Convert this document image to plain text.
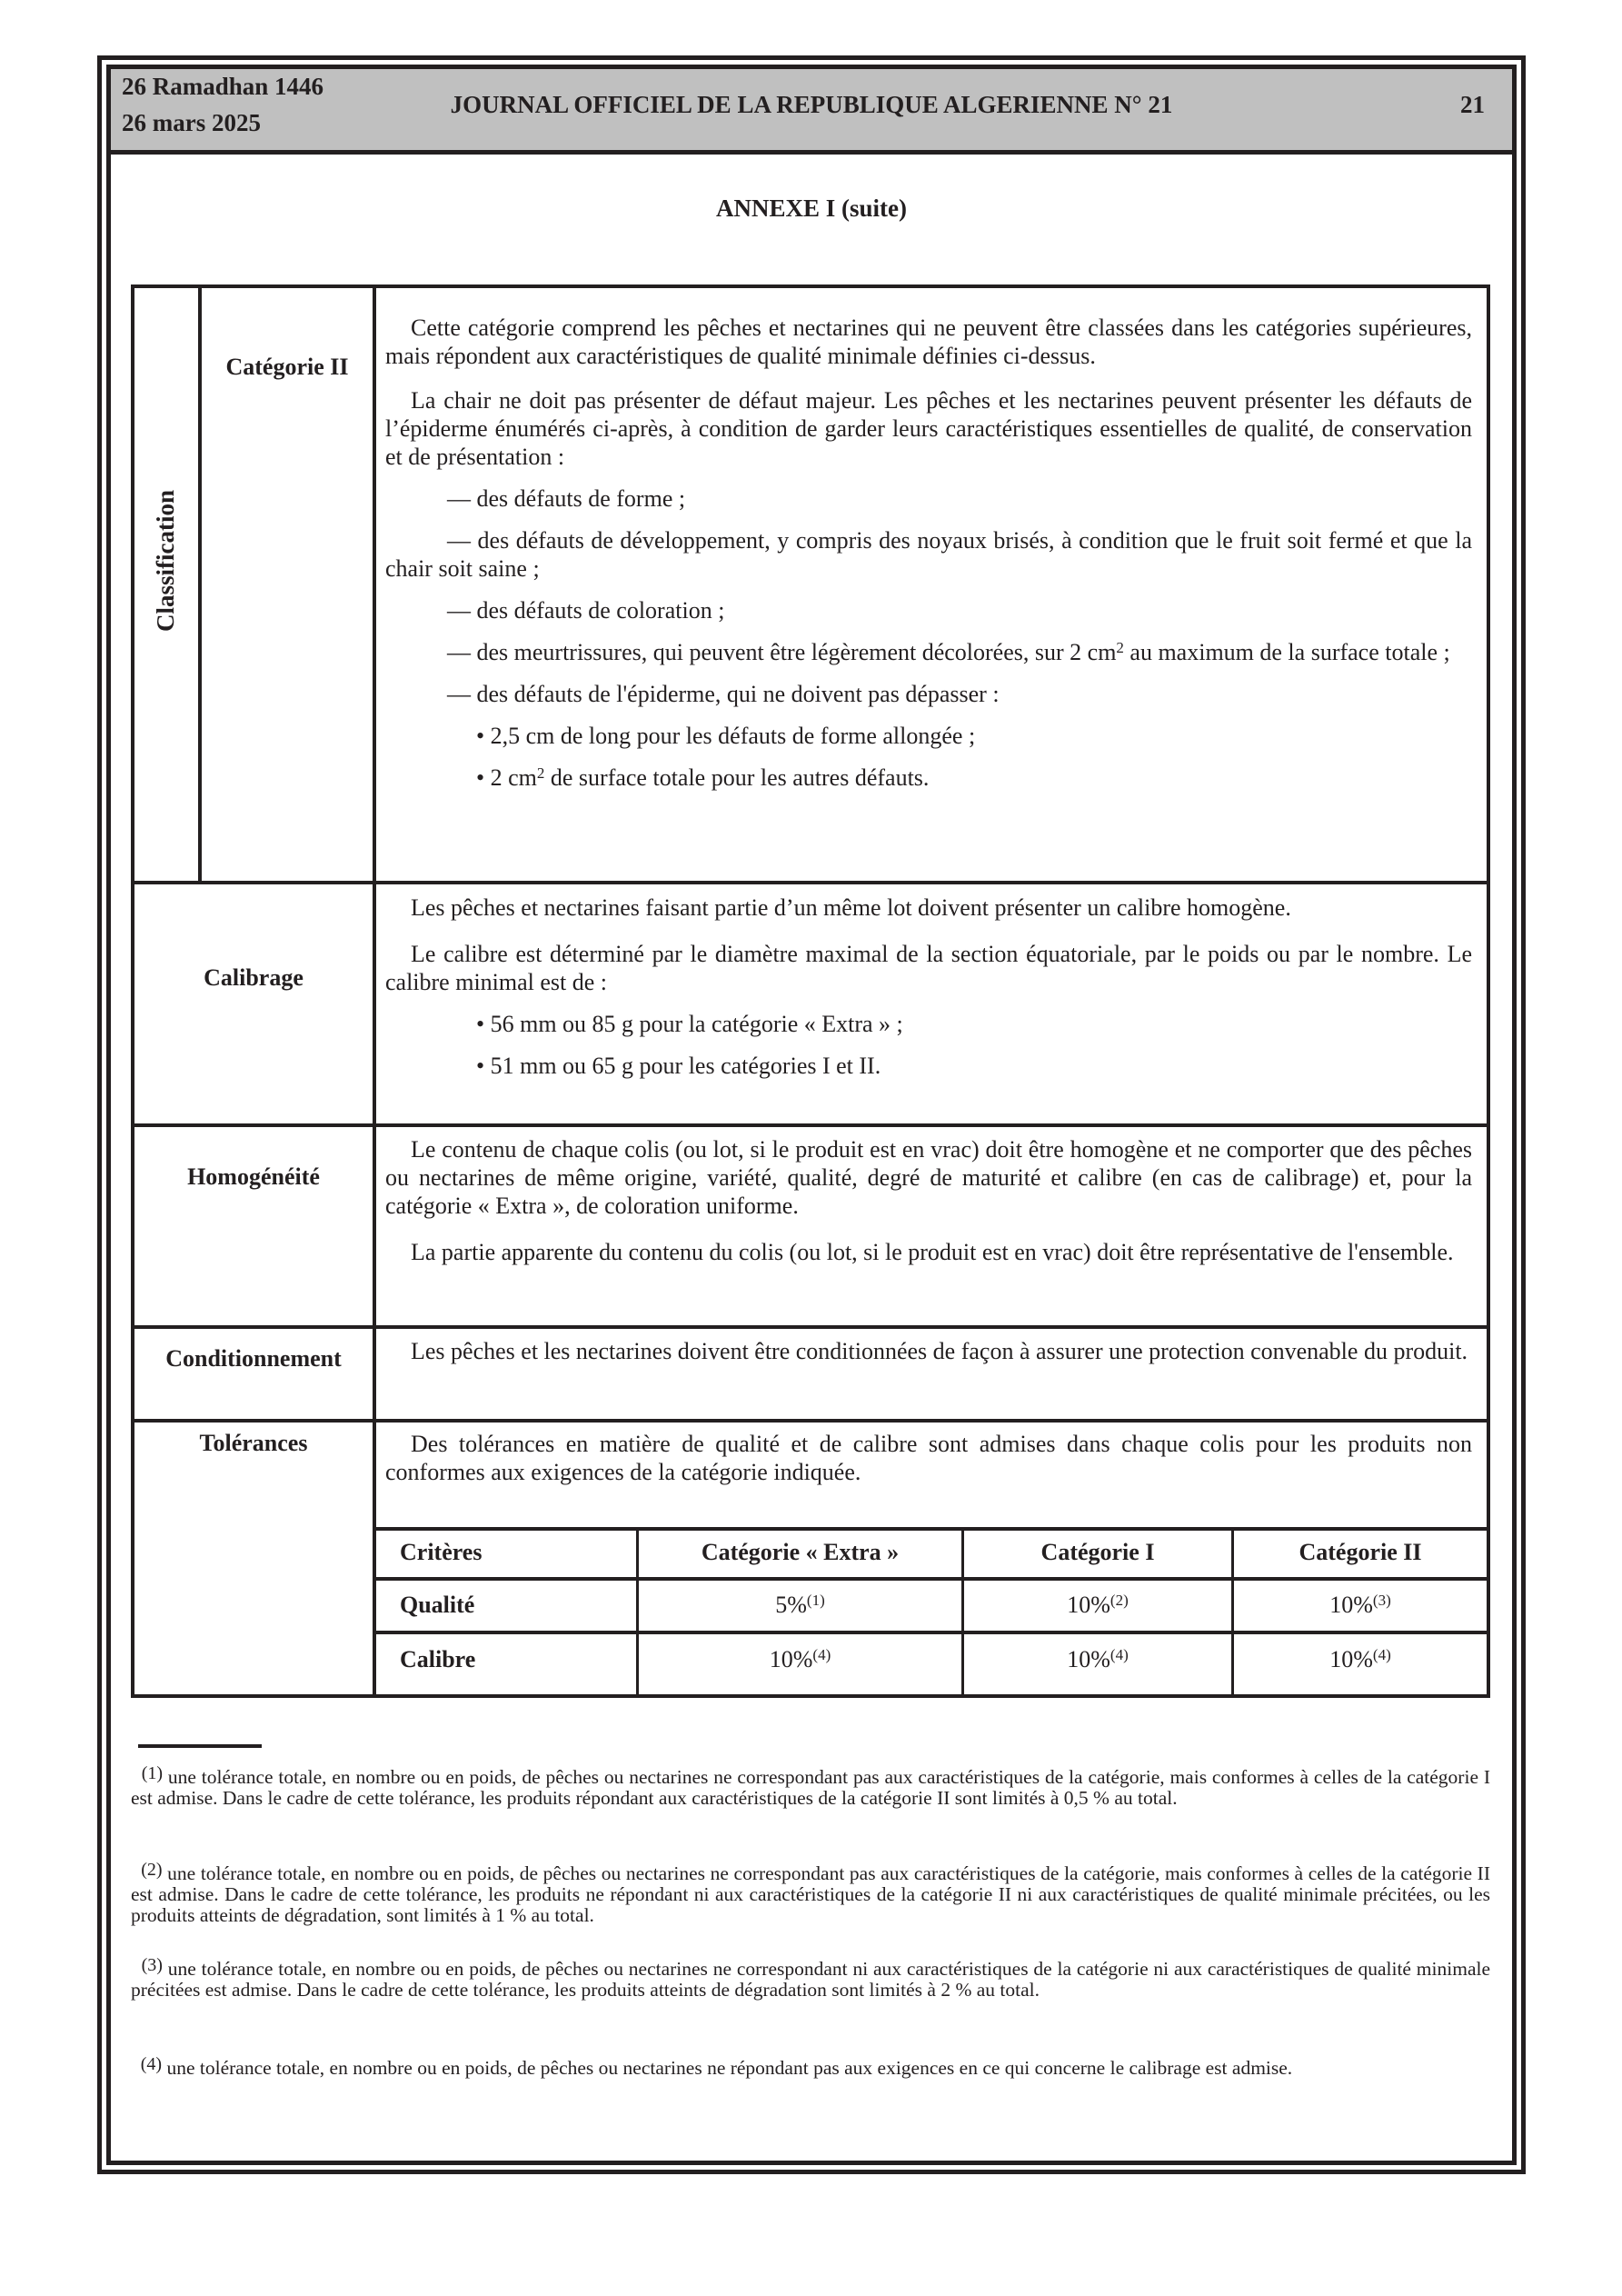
26 Ramadhan 1446
26 mars 2025
JOURNAL OFFICIEL DE LA REPUBLIQUE ALGERIENNE N° 21	21
ANNEXE I (suite)
Classification
Catégorie II

Cette catégorie comprend les pêches et nectarines qui ne peuvent être classées dans les catégories supérieures, mais répondent aux caractéristiques de qualité minimale définies ci-dessus.

La chair ne doit pas présenter de défaut majeur. Les pêches et les nectarines peuvent présenter les défauts de l’épiderme énumérés ci-après, à condition de garder leurs caractéristiques essentielles de qualité, de conservation et de présentation :

— des défauts de forme ;

— des défauts de développement, y compris des noyaux brisés, à condition que le fruit soit fermé et que la chair soit saine ;

— des défauts de coloration ;

— des meurtrissures, qui peuvent être légèrement décolorées, sur 2 $cm^2$ au maximum de la surface totale ;

— des défauts de l'épiderme, qui ne doivent pas dépasser :

• 2,5 cm de long pour les défauts de forme allongée ;

• 2 $cm^2$ de surface totale pour les autres défauts.

Calibrage

Les pêches et nectarines faisant partie d’un même lot doivent présenter un calibre homogène.

Le calibre est déterminé par le diamètre maximal de la section équatoriale, par le poids ou par le nombre. Le calibre minimal est de :

• 56 mm ou 85 g pour la catégorie « Extra » ;

• 51 mm ou 65 g pour les catégories I et II.

Homogénéité

Le contenu de chaque colis (ou lot, si le produit est en vrac) doit être homogène et ne comporter que des pêches ou nectarines de même origine, variété, qualité, degré de maturité et calibre (en cas de calibrage) et, pour la catégorie « Extra », de coloration uniforme.

La partie apparente du contenu du colis (ou lot, si le produit est en vrac) doit être représentative de l'ensemble.

Conditionnement	Les pêches et les nectarines doivent être conditionnées de façon à assurer une protection convenable du produit.

Tolérances	Des tolérances en matière de qualité et de calibre sont admises dans chaque colis pour les produits non conformes aux exigences de la catégorie indiquée.

Critères	Catégorie « Extra »	Catégorie I	Catégorie II
Qualité	5%$^{(1)}$	10%$^{(2)}$	10%$^{(3)}$
Calibre	10%$^{(4)}$	10%$^{(4)}$	10%$^{(4)}$

$^{(1)}$ une tolérance totale, en nombre ou en poids, de pêches ou nectarines ne correspondant pas aux caractéristiques de la catégorie, mais conformes à celles de la catégorie I est admise. Dans le cadre de cette tolérance, les produits répondant aux caractéristiques de la catégorie II sont limités à 0,5 % au total.

$^{(2)}$ une tolérance totale, en nombre ou en poids, de pêches ou nectarines ne correspondant pas aux caractéristiques de la catégorie, mais conformes à celles de la catégorie II est admise. Dans le cadre de cette tolérance, les produits ne répondant ni aux caractéristiques de la catégorie II ni aux caractéristiques de qualité minimale précitées, ou les produits atteints de dégradation, sont limités à 1 % au total.

$^{(3)}$ une tolérance totale, en nombre ou en poids, de pêches ou nectarines ne correspondant ni aux caractéristiques de la catégorie ni aux caractéristiques de qualité minimale précitées est admise. Dans le cadre de cette tolérance, les produits atteints de dégradation sont limités à 2 % au total.

$^{(4)}$ une tolérance totale, en nombre ou en poids, de pêches ou nectarines ne répondant pas aux exigences en ce qui concerne le calibrage est admise.
